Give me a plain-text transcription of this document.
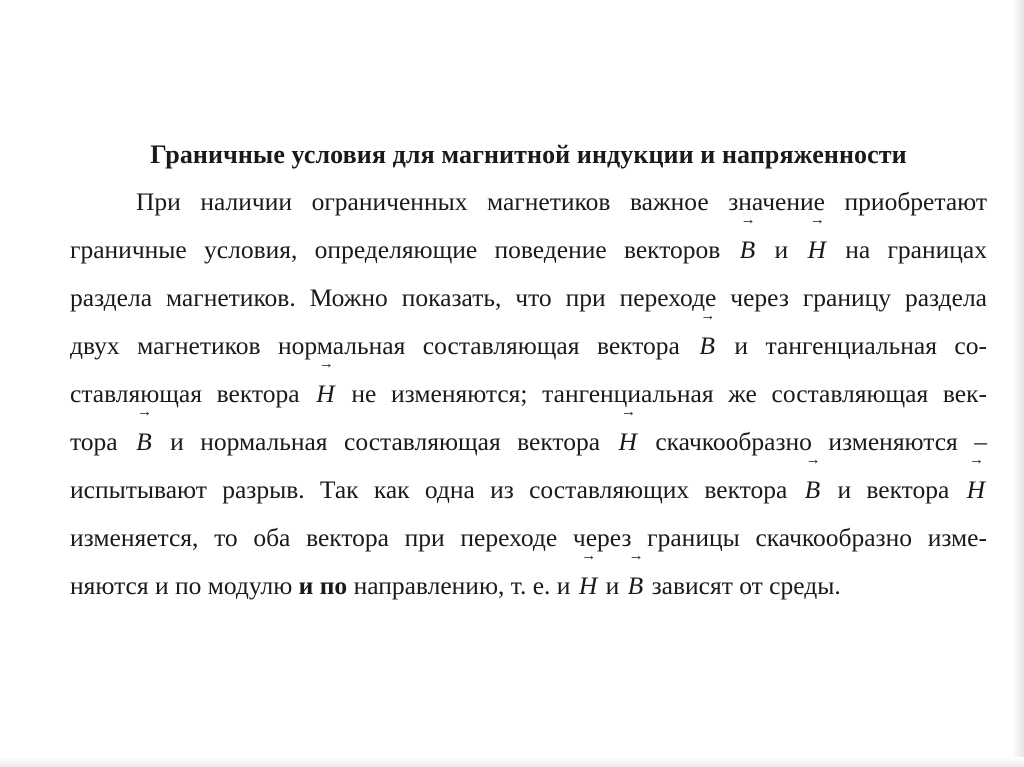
Граничные условия для магнитной индукции и напряженности
При наличии ограниченных магнетиков важное значение приобретают
граничные условия, определяющие поведение векторов → B и → H на границах
раздела магнетиков. Можно показать, что при переходе через границу раздела
двух магнетиков нормальная составляющая вектора → B и тангенциальная со-
ставляющая вектора → H не изменяются; тангенциальная же составляющая век-
тора → B и нормальная составляющая вектора → H скачкообразно изменяются –
испытывают разрыв. Так как одна из составляющих вектора → B и вектора → H
изменяется, то оба вектора при переходе через границы скачкообразно изме-
няются и по модулю и по направлению, т. е. и → H и → B зависят от среды.
